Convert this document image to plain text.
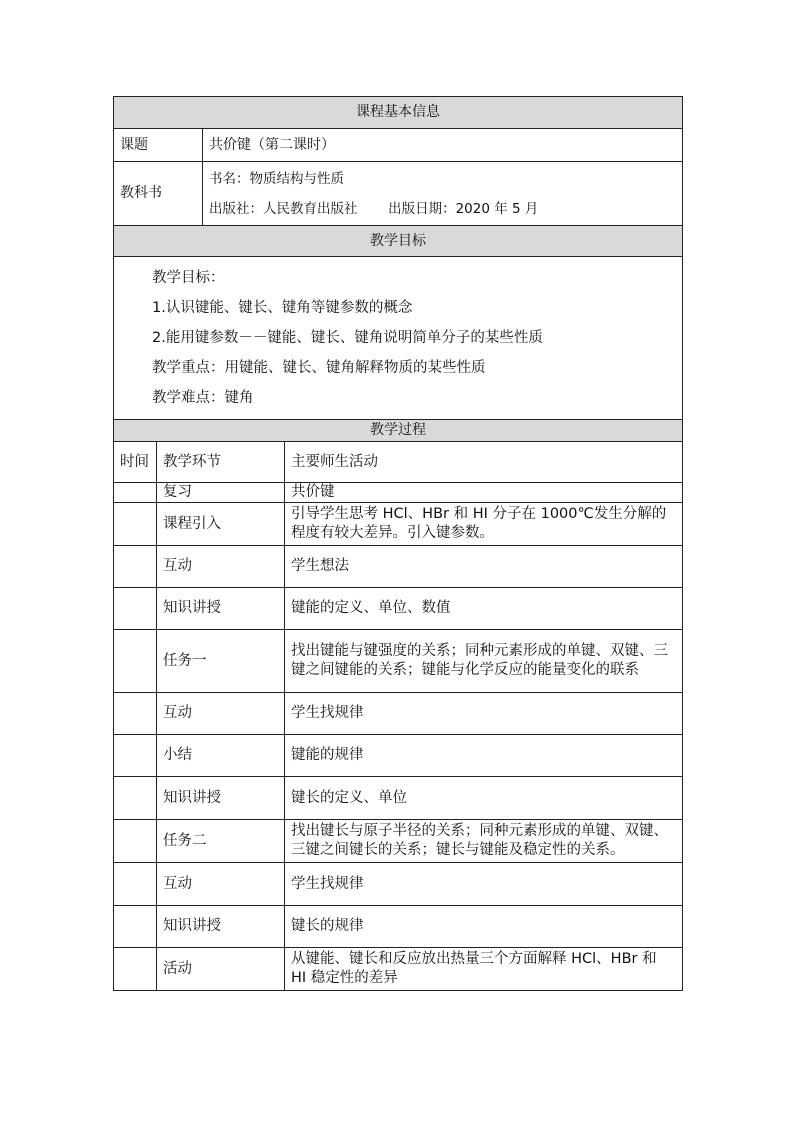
课程基本信息			
课题		共价键（第二课时）	
教科书		书名：物质结构与性质
出版社：人民教育出版社 出版日期：2020 年 5 月	

教学目标			

教学目标：
1.认识键能、键长、键角等键参数的概念
2.能用键参数－－键能、键长、键角说明简单分子的某些性质
教学重点：用键能、键长、键角解释物质的某些性质
教学难点：键角			

教学过程			
时间	教学环节		主要师生活动
	复习		共价键
	课程引入		引导学生思考 HCl、HBr 和 HI 分子在 1000℃发生分解的程度有较大差异。引入键参数。
	互动		学生想法
	知识讲授		键能的定义、单位、数值
	任务一		找出键能与键强度的关系；同种元素形成的单键、双键、三键之间键能的关系；键能与化学反应的能量变化的联系
	互动		学生找规律
	小结		键能的规律
	知识讲授		键长的定义、单位
	任务二		找出键长与原子半径的关系；同种元素形成的单键、双键、三键之间键长的关系；键长与键能及稳定性的关系。
	互动		学生找规律
	知识讲授		键长的规律
	活动		从键能、键长和反应放出热量三个方面解释 HCl、HBr 和 HI 稳定性的差异
